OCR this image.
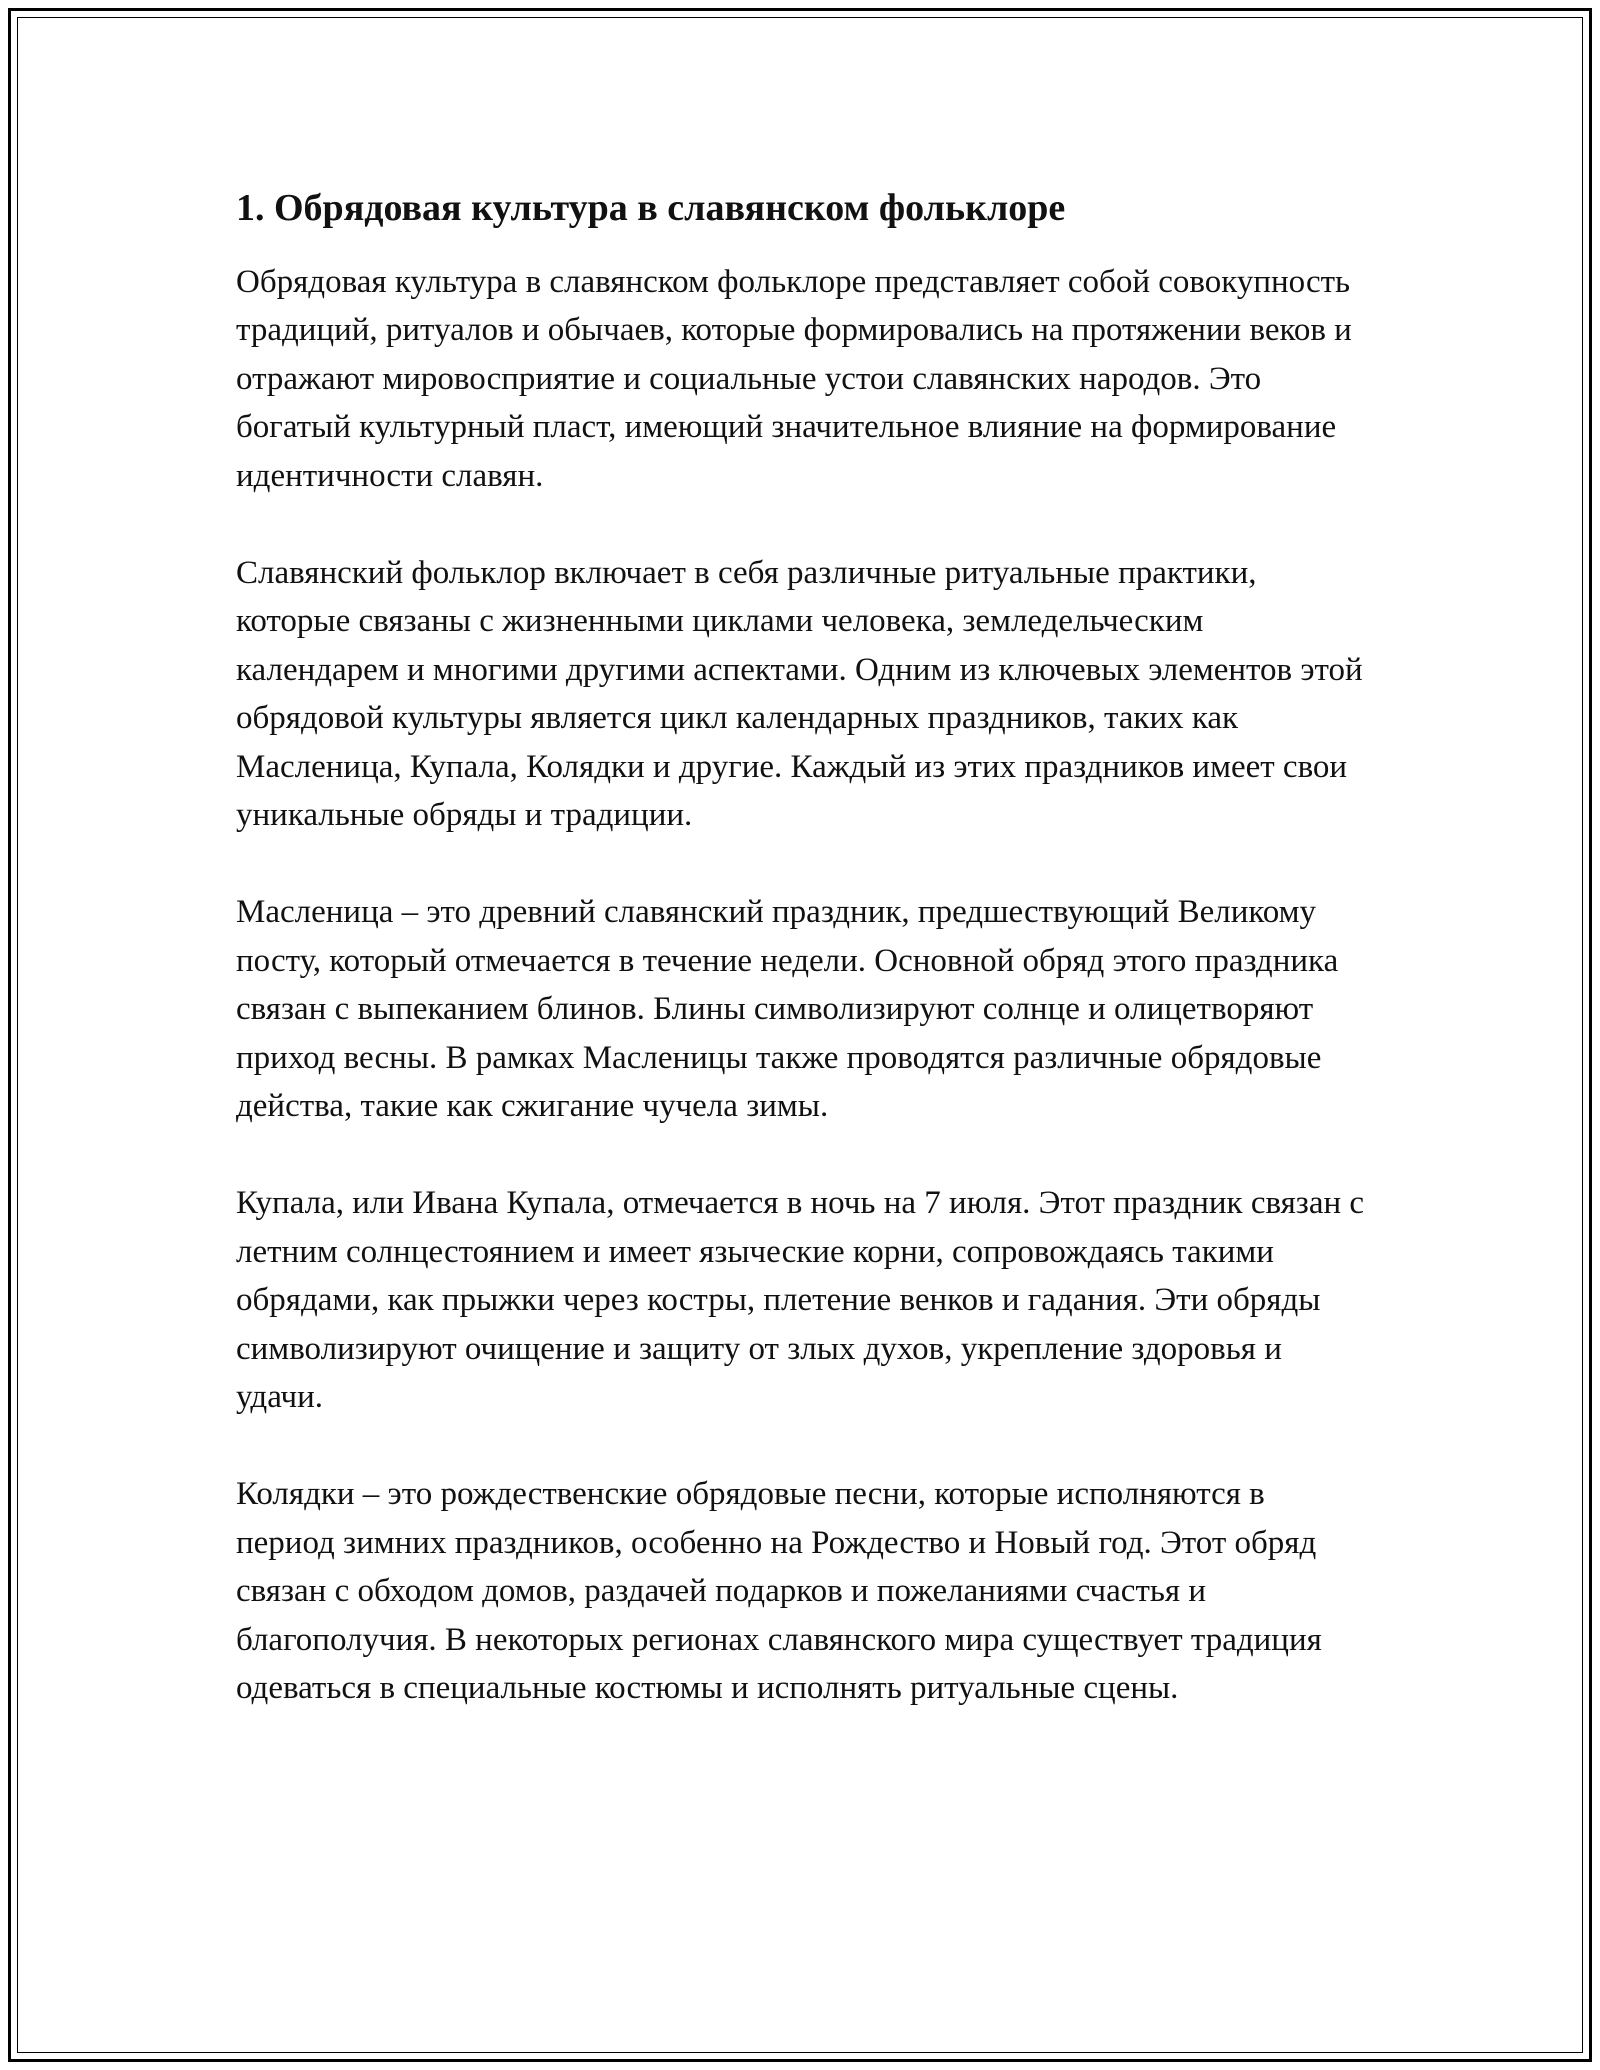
1. Обрядовая культура в славянском фольклоре

Обрядовая культура в славянском фольклоре представляет собой совокупность традиций, ритуалов и обычаев, которые формировались на протяжении веков и отражают мировосприятие и социальные устои славянских народов. Это богатый культурный пласт, имеющий значительное влияние на формирование идентичности славян.

Славянский фольклор включает в себя различные ритуальные практики, которые связаны с жизненными циклами человека, земледельческим календарем и многими другими аспектами. Одним из ключевых элементов этой обрядовой культуры является цикл календарных праздников, таких как Масленица, Купала, Колядки и другие. Каждый из этих праздников имеет свои уникальные обряды и традиции.

Масленица – это древний славянский праздник, предшествующий Великому посту, который отмечается в течение недели. Основной обряд этого праздника связан с выпеканием блинов. Блины символизируют солнце и олицетворяют приход весны. В рамках Масленицы также проводятся различные обрядовые действа, такие как сжигание чучела зимы.

Купала, или Ивана Купала, отмечается в ночь на 7 июля. Этот праздник связан с летним солнцестоянием и имеет языческие корни, сопровождаясь такими обрядами, как прыжки через костры, плетение венков и гадания. Эти обряды символизируют очищение и защиту от злых духов, укрепление здоровья и удачи.

Колядки – это рождественские обрядовые песни, которые исполняются в период зимних праздников, особенно на Рождество и Новый год. Этот обряд связан с обходом домов, раздачей подарков и пожеланиями счастья и благополучия. В некоторых регионах славянского мира существует традиция одеваться в специальные костюмы и исполнять ритуальные сцены.
